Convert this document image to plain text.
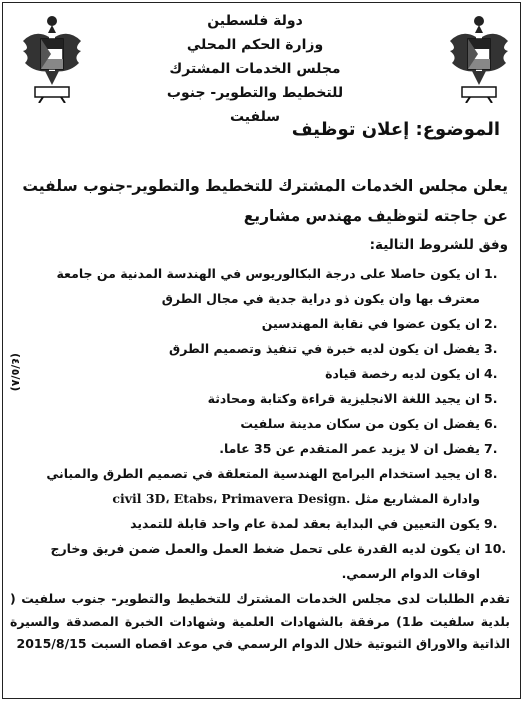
دولة فلسطين
وزارة الحكم المحلي
مجلس الخدمات المشترك
للتخطيط والتطوير- جنوب سلفيت
الموضوع: إعلان توظيف
يعلن مجلس الخدمات المشترك للتخطيط والتطوير-جنوب سلفيت عن جاجته لتوظيف مهندس مشاريع
وفق للشروط التالية:
1.
ان يكون حاصلا على درجة البكالوريوس في الهندسة المدنية من جامعة معترف بها وان يكون ذو دراية جدية في مجال الطرق
2.
ان يكون عضوا في نقابة المهندسين
3.
يفضل ان يكون لديه خبرة في تنفيذ وتصميم الطرق
4.
ان يكون لديه رخصة قيادة
5.
ان يجيد اللغة الانجليزية قراءة وكتابة ومحادثة
6.
يفضل ان يكون من سكان مدينة سلفيت
7.
يفضل ان لا يزيد عمر المتقدم عن 35 عاما.
8.
ان يجيد استخدام البرامج الهندسية المتعلقة في تصميم الطرق والمباني وادارة المشاريع مثل civil 3D، Etabs، Primavera Design.
9.
يكون التعيين في البداية بعقد لمدة عام واحد قابلة للتمديد
10.
ان يكون لديه القدرة على تحمل ضغط العمل والعمل ضمن فريق وخارج اوقات الدوام الرسمي.
(٤/٥/٨)
تقدم الطلبات لدى مجلس الخدمات المشترك للتخطيط والتطوير- جنوب سلفيت ( بلدية سلفيت ط1) مرفقة بالشهادات العلمية وشهادات الخبرة المصدقة والسيرة الذاتية والاوراق الثبوتية خلال الدوام الرسمي في موعد اقصاه السبت 2015/8/15
